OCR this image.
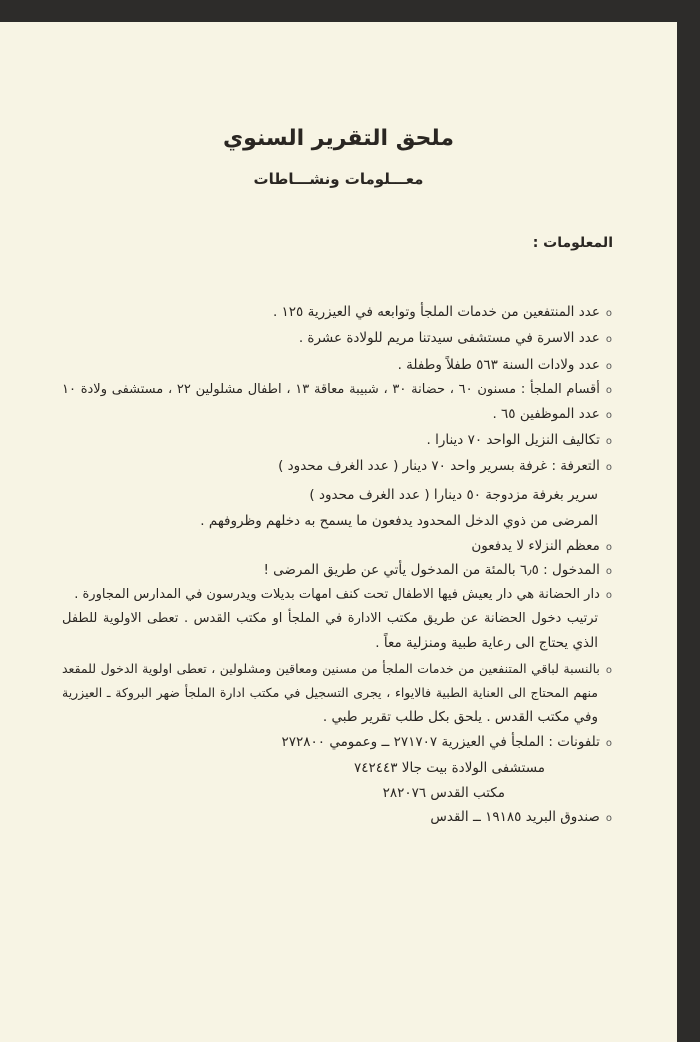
ملحق التقرير السنوي
معـــلومات ونشـــاطات
المعلومات :
oعدد المنتفعين من خدمات الملجأ وتوابعه في العيزرية ١٢٥ .
oعدد الاسرة في مستشفى سيدتنا مريم للولادة عشرة .
oعدد ولادات السنة ٥٦٣ طفلاً وطفلة .
oأقسام الملجأ : مسنون ٦٠ ، حضانة ٣٠ ، شبيبة معاقة ١٣ ، اطفال مشلولين ٢٢ ، مستشفى ولادة ١٠
oعدد الموظفين ٦٥ .
oتكاليف النزيل الواحد ٧٠ دينارا .
oالتعرفة : غرفة بسرير واحد ٧٠ دينار ( عدد الغرف محدود )
سرير بغرفة مزدوجة ٥٠ دينارا ( عدد الغرف محدود )
المرضى من ذوي الدخل المحدود يدفعون ما يسمح به دخلهم وظروفهم .
oمعظم النزلاء لا يدفعون
oالمدخول : ٦٫٥ بالمئة من المدخول يأتي عن طريق المرضى !
oدار الحضانة هي دار يعيش فيها الاطفال تحت كنف امهات بديلات ويدرسون في المدارس المجاورة .
ترتيب دخول الحضانة عن طريق مكتب الادارة في الملجأ او مكتب القدس . تعطى الاولوية للطفل
الذي يحتاج الى رعاية طبية ومنزلية معاً .
oبالنسبة لباقي المتنفعين من خدمات الملجأ من مسنين ومعاقين ومشلولين ، تعطى اولوية الدخول للمقعد
منهم المحتاج الى العناية الطبية فالايواء ، يجرى التسجيل في مكتب ادارة الملجأ ضهر البروكة ـ العيزرية
وفي مكتب القدس . يلحق بكل طلب تقرير طبي .
oتلفونات : الملجأ في العيزرية ٢٧١٧٠٧ ــ وعمومي ٢٧٢٨٠٠
مستشفى الولادة بيت جالا ٧٤٢٤٤٣
مكتب القدس ٢٨٢٠٧٦
oصندوق البريد ١٩١٨٥ ــ القدس
